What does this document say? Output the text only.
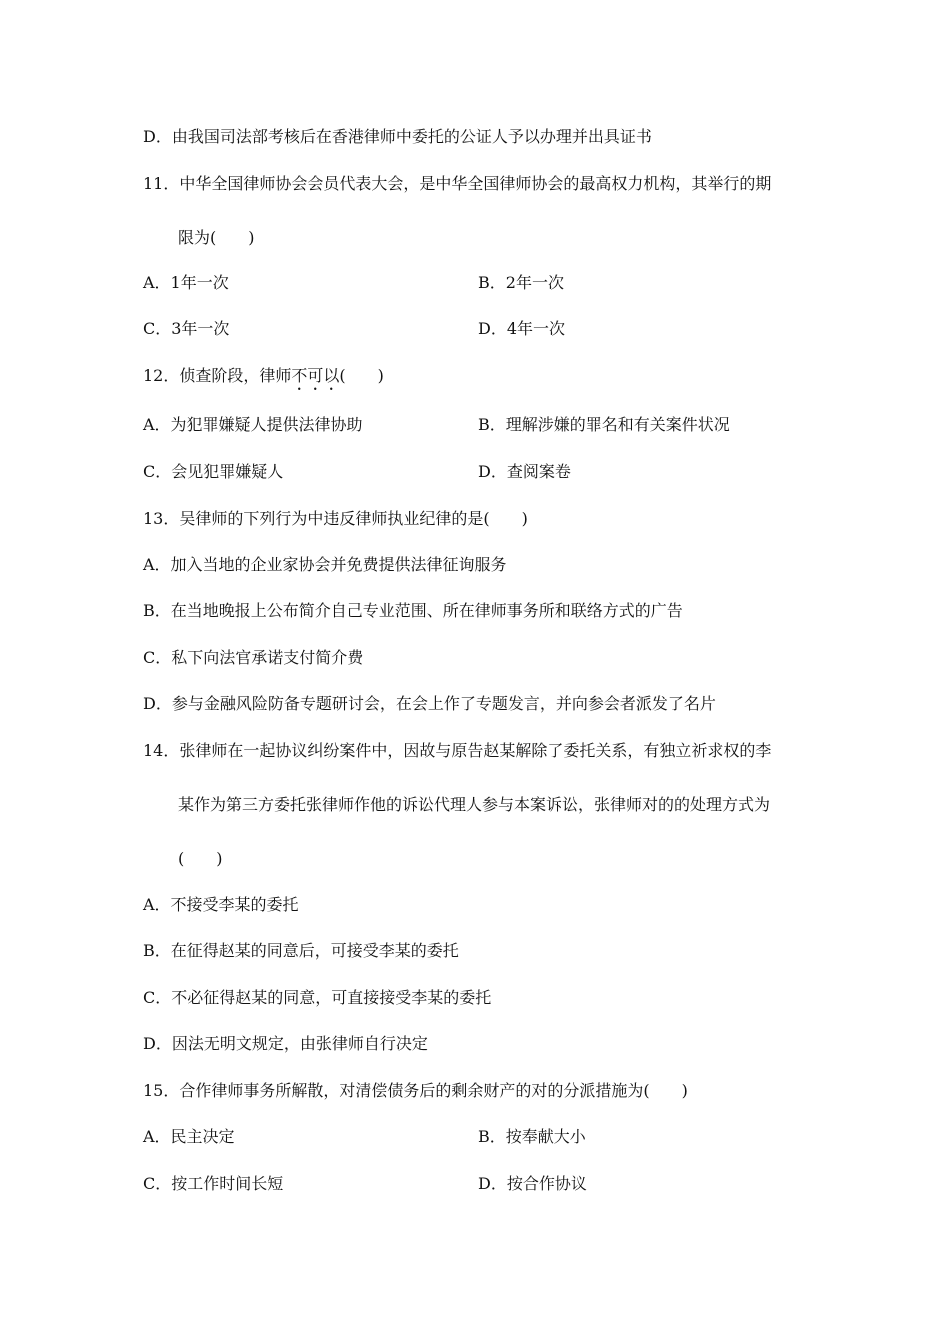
D．由我国司法部考核后在香港律师中委托的公证人予以办理并出具证书
11．中华全国律师协会会员代表大会，是中华全国律师协会的最高权力机构，其举行的期
限为(　　)
A．1年一次	B．2年一次
C．3年一次	D．4年一次
12．侦查阶段，律师不可以(　　)
A．为犯罪嫌疑人提供法律协助	B．理解涉嫌的罪名和有关案件状况
C．会见犯罪嫌疑人	D．查阅案卷
13．吴律师的下列行为中违反律师执业纪律的是(　　)
A．加入当地的企业家协会并免费提供法律征询服务
B．在当地晚报上公布简介自己专业范围、所在律师事务所和联络方式的广告
C．私下向法官承诺支付简介费
D．参与金融风险防备专题研讨会，在会上作了专题发言，并向参会者派发了名片
14．张律师在一起协议纠纷案件中，因故与原告赵某解除了委托关系，有独立祈求权的李
某作为第三方委托张律师作他的诉讼代理人参与本案诉讼，张律师对的的处理方式为
(　　)
A．不接受李某的委托
B．在征得赵某的同意后，可接受李某的委托
C．不必征得赵某的同意，可直接接受李某的委托
D．因法无明文规定，由张律师自行决定
15．合作律师事务所解散，对清偿债务后的剩余财产的对的分派措施为(　　)
A．民主决定	B．按奉献大小
C．按工作时间长短	D．按合作协议
